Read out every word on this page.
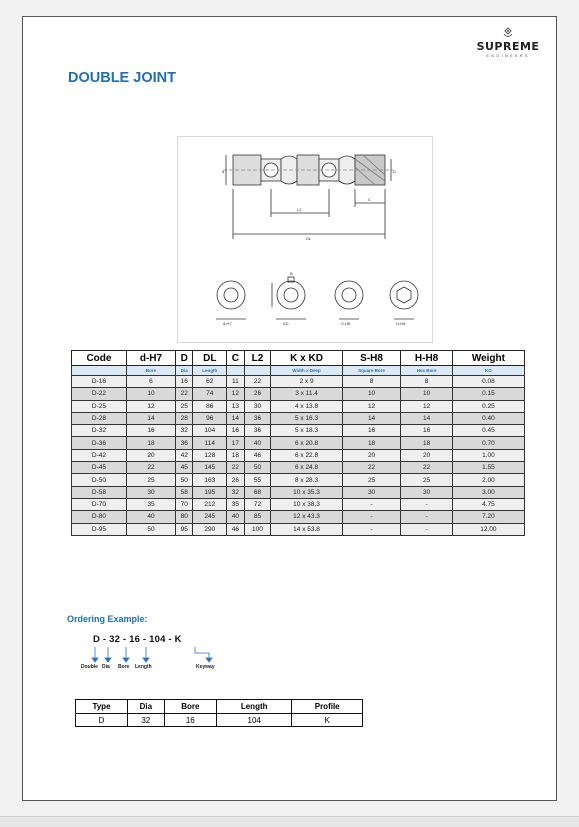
SUPREME
ENGINEERS
DOUBLE JOINT
d	D
L2
C
DL
B
d-H7	KD	S-H8	H-H8
Code	d-H7	D	DL	C	L2	K x KD	S-H8	H-H8	Weight
	Bore	Dia	Length			Width x Deep	Square Bore	Hex Bore	KG
D-16	6	16	62	11	22	2 x 9	8	8	0.08
D-22	10	22	74	12	26	3 x 11.4	10	10	0.15
D-25	12	25	86	13	30	4 x 13.8	12	12	0.25
D-28	14	28	96	14	36	5 x 16.3	14	14	0.40
D-32	16	32	104	16	36	5 x 18.3	16	16	0.45
D-36	18	36	114	17	40	6 x 20.8	18	18	0.70
D-42	20	42	128	18	46	6 x 22.8	20	20	1.00
D-45	22	45	145	22	50	6 x 24.8	22	22	1.55
D-50	25	50	163	26	55	8 x 28.3	25	25	2.00
D-58	30	58	195	32	68	10 x 35.3	30	30	3.00
D-70	35	70	212	35	72	10 x 38.3	-	-	4.75
D-80	40	80	245	40	85	12 x 43.3	-	-	7.20
D-95	50	95	290	46	100	14 x 53.8	-	-	12.00
Ordering Example:
D - 32 - 16 - 104 - K
Double Dia Bore Length	Keyway
Type	Dia	Bore	Length	Profile
D	32	16	104	K
